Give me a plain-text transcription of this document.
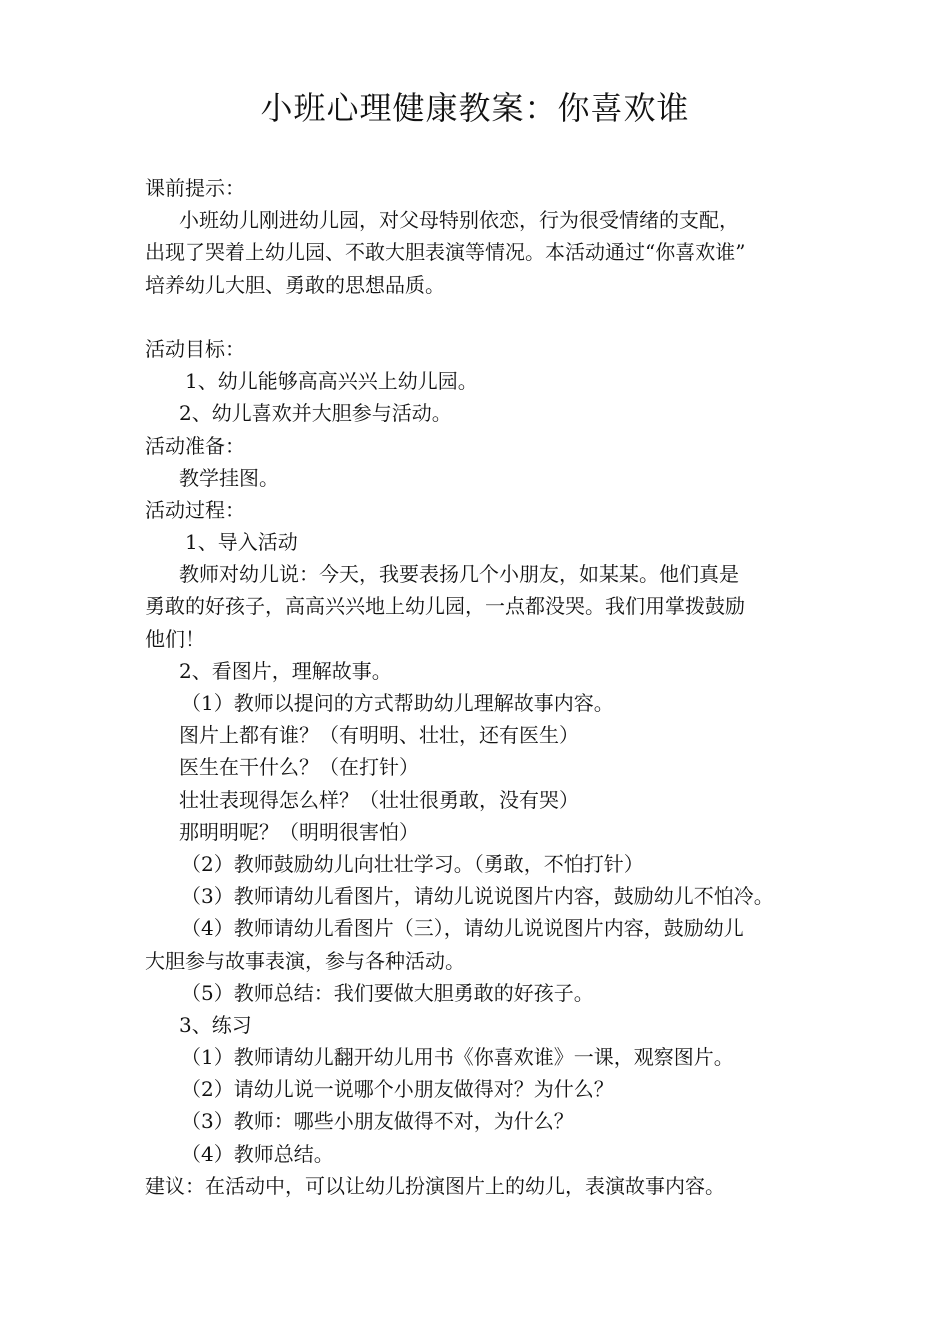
小班心理健康教案：你喜欢谁
课前提示：
小班幼儿刚进幼儿园，对父母特别依恋，行为很受情绪的支配，
出现了哭着上幼儿园、不敢大胆表演等情况。本活动通过“你喜欢谁”
培养幼儿大胆、勇敢的思想品质。
活动目标：
1、幼儿能够高高兴兴上幼儿园。
2、幼儿喜欢并大胆参与活动。
活动准备：
教学挂图。
活动过程：
1、导入活动
教师对幼儿说：今天，我要表扬几个小朋友，如某某。他们真是
勇敢的好孩子，高高兴兴地上幼儿园，一点都没哭。我们用掌拨鼓励
他们！
2、看图片，理解故事。
（1）教师以提问的方式帮助幼儿理解故事内容。
图片上都有谁？（有明明、壮壮，还有医生）
医生在干什么？（在打针）
壮壮表现得怎么样？（壮壮很勇敢，没有哭）
那明明呢？（明明很害怕）
（2）教师鼓励幼儿向壮壮学习。（勇敢，不怕打针）
（3）教师请幼儿看图片，请幼儿说说图片内容，鼓励幼儿不怕冷。
（4）教师请幼儿看图片（三），请幼儿说说图片内容，鼓励幼儿
大胆参与故事表演，参与各种活动。
（5）教师总结：我们要做大胆勇敢的好孩子。
3、练习
（1）教师请幼儿翻开幼儿用书《你喜欢谁》一课，观察图片。
（2）请幼儿说一说哪个小朋友做得对？为什么？
（3）教师：哪些小朋友做得不对，为什么？
（4）教师总结。
建议：在活动中，可以让幼儿扮演图片上的幼儿，表演故事内容。
